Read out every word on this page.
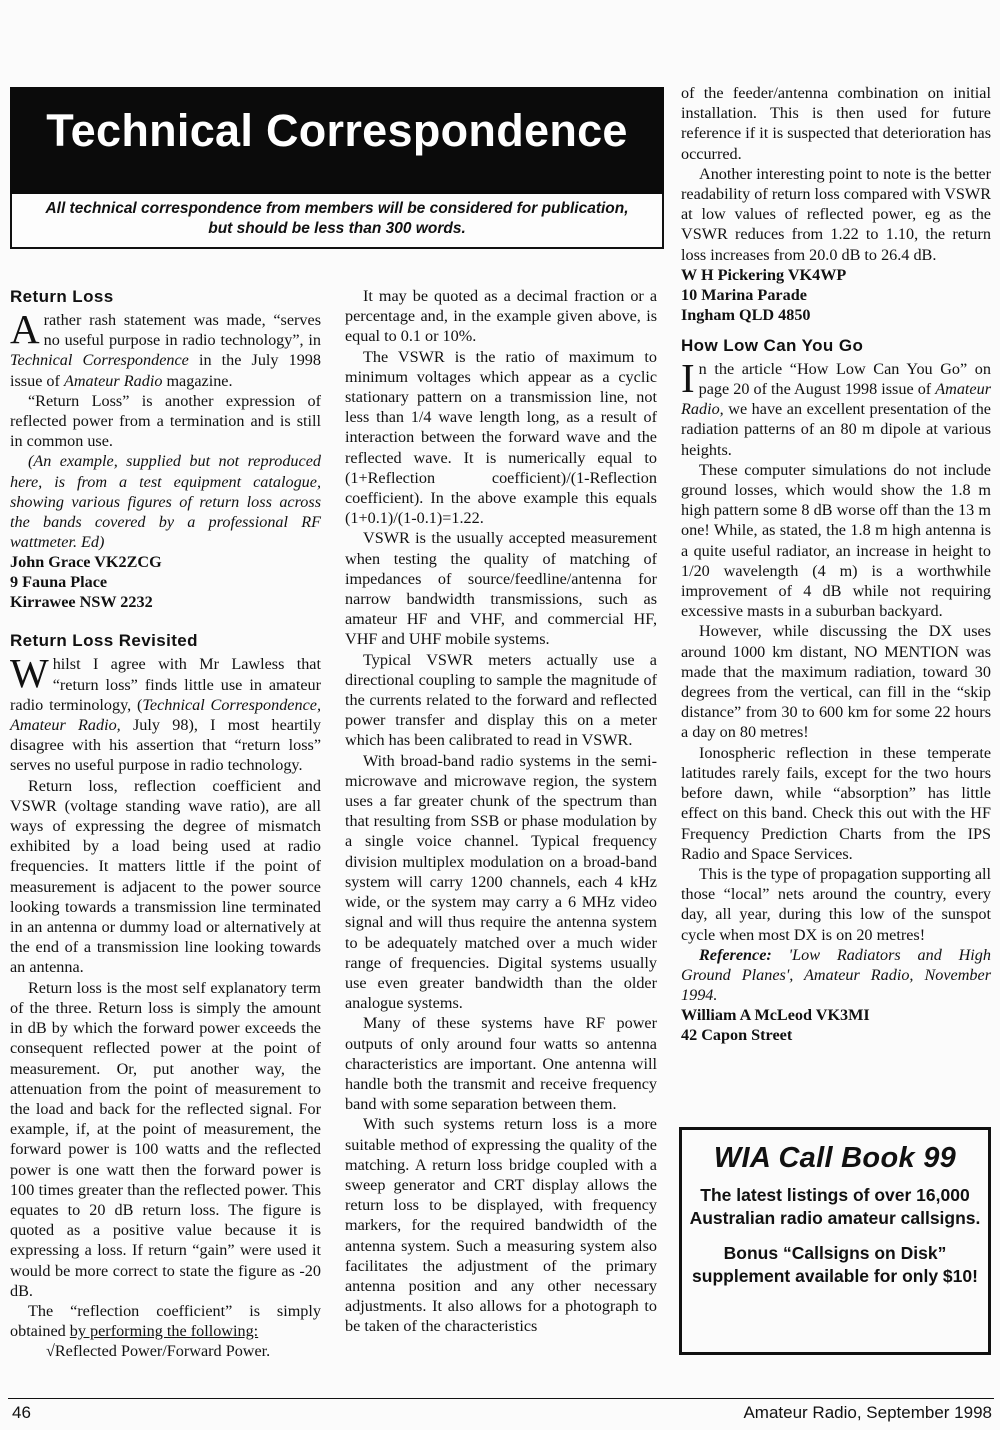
Technical Correspondence
All technical correspondence from members will be considered for publication, but should be less than 300 words.
Return Loss

Arather rash statement was made, “serves no useful purpose in radio technology”, in Technical Correspondence in the July 1998 issue of Amateur Radio magazine.

“Return Loss” is another expression of reflected power from a termination and is still in common use.

(An example, supplied but not reproduced here, is from a test equipment catalogue, showing various figures of return loss across the bands covered by a professional RF wattmeter. Ed)

John Grace VK2ZCG

9 Fauna Place

Kirrawee NSW 2232

Return Loss Revisited

Whilst I agree with Mr Lawless that “return loss” finds little use in amateur radio terminology, (Technical Correspondence, Amateur Radio, July 98), I most heartily disagree with his assertion that “return loss” serves no useful purpose in radio technology.

Return loss, reflection coefficient and VSWR (voltage standing wave ratio), are all ways of expressing the degree of mismatch exhibited by a load being used at radio frequencies. It matters little if the point of measurement is adjacent to the power source looking towards a transmission line terminated in an antenna or dummy load or alternatively at the end of a transmission line looking towards an antenna.

Return loss is the most self explanatory term of the three. Return loss is simply the amount in dB by which the forward power exceeds the consequent reflected power at the point of measurement. Or, put another way, the attenuation from the point of measurement to the load and back for the reflected signal. For example, if, at the point of measurement, the forward power is 100 watts and the reflected power is one watt then the forward power is 100 times greater than the reflected power. This equates to 20 dB return loss. The figure is quoted as a positive value because it is expressing a loss. If return “gain” were used it would be more correct to state the figure as -20 dB.

The “reflection coefficient” is simply obtained by performing the following:

√Reflected Power/Forward Power.

It may be quoted as a decimal fraction or a percentage and, in the example given above, is equal to 0.1 or 10%.

The VSWR is the ratio of maximum to minimum voltages which appear as a cyclic stationary pattern on a transmission line, not less than 1/4 wave length long, as a result of interaction between the forward wave and the reflected wave. It is numerically equal to (1+Reflection coefficient)/(1-Reflection coefficient). In the above example this equals (1+0.1)/(1-0.1)=1.22.

VSWR is the usually accepted measurement when testing the quality of matching of impedances of source/feedline/antenna for narrow bandwidth transmissions, such as amateur HF and VHF, and commercial HF, VHF and UHF mobile systems.

Typical VSWR meters actually use a directional coupling to sample the magnitude of the currents related to the forward and reflected power transfer and display this on a meter which has been calibrated to read in VSWR.

With broad-band radio systems in the semi-microwave and microwave region, the system uses a far greater chunk of the spectrum than that resulting from SSB or phase modulation by a single voice channel. Typical frequency division multiplex modulation on a broad-band system will carry 1200 channels, each 4 kHz wide, or the system may carry a 6 MHz video signal and will thus require the antenna system to be adequately matched over a much wider range of frequencies. Digital systems usually use even greater bandwidth than the older analogue systems.

Many of these systems have RF power outputs of only around four watts so antenna characteristics are important. One antenna will handle both the transmit and receive frequency band with some separation between them.

With such systems return loss is a more suitable method of expressing the quality of the matching. A return loss bridge coupled with a sweep generator and CRT display allows the return loss to be displayed, with frequency markers, for the required bandwidth of the antenna system. Such a measuring system also facilitates the adjustment of the primary antenna position and any other necessary adjustments. It also allows for a photograph to be taken of the characteristics

of the feeder/antenna combination on initial installation. This is then used for future reference if it is suspected that deterioration has occurred.

Another interesting point to note is the better readability of return loss compared with VSWR at low values of reflected power, eg as the VSWR reduces from 1.22 to 1.10, the return loss increases from 20.0 dB to 26.4 dB.

W H Pickering VK4WP

10 Marina Parade

Ingham QLD 4850

How Low Can You Go

In the article “How Low Can You Go” on page 20 of the August 1998 issue of Amateur Radio, we have an excellent presentation of the radiation patterns of an 80 m dipole at various heights.

These computer simulations do not include ground losses, which would show the 1.8 m high pattern some 8 dB worse off than the 13 m one! While, as stated, the 1.8 m high antenna is a quite useful radiator, an increase in height to 1/20 wavelength (4 m) is a worthwhile improvement of 4 dB while not requiring excessive masts in a suburban backyard.

However, while discussing the DX uses around 1000 km distant, NO MENTION was made that the maximum radiation, toward 30 degrees from the vertical, can fill in the “skip distance” from 30 to 600 km for some 22 hours a day on 80 metres!

Ionospheric reflection in these temperate latitudes rarely fails, except for the two hours before dawn, while “absorption” has little effect on this band. Check this out with the HF Frequency Prediction Charts from the IPS Radio and Space Services.

This is the type of propagation supporting all those “local” nets around the country, every day, all year, during this low of the sunspot cycle when most DX is on 20 metres!

Reference: 'Low Radiators and High Ground Planes', Amateur Radio, November 1994.

William A McLeod VK3MI

42 Capon Street

WIA Call Book 99
The latest listings of over 16,000 Australian radio amateur callsigns.
Bonus “Callsigns on Disk” supplement available for only $10!
46	Amateur Radio, September 1998
